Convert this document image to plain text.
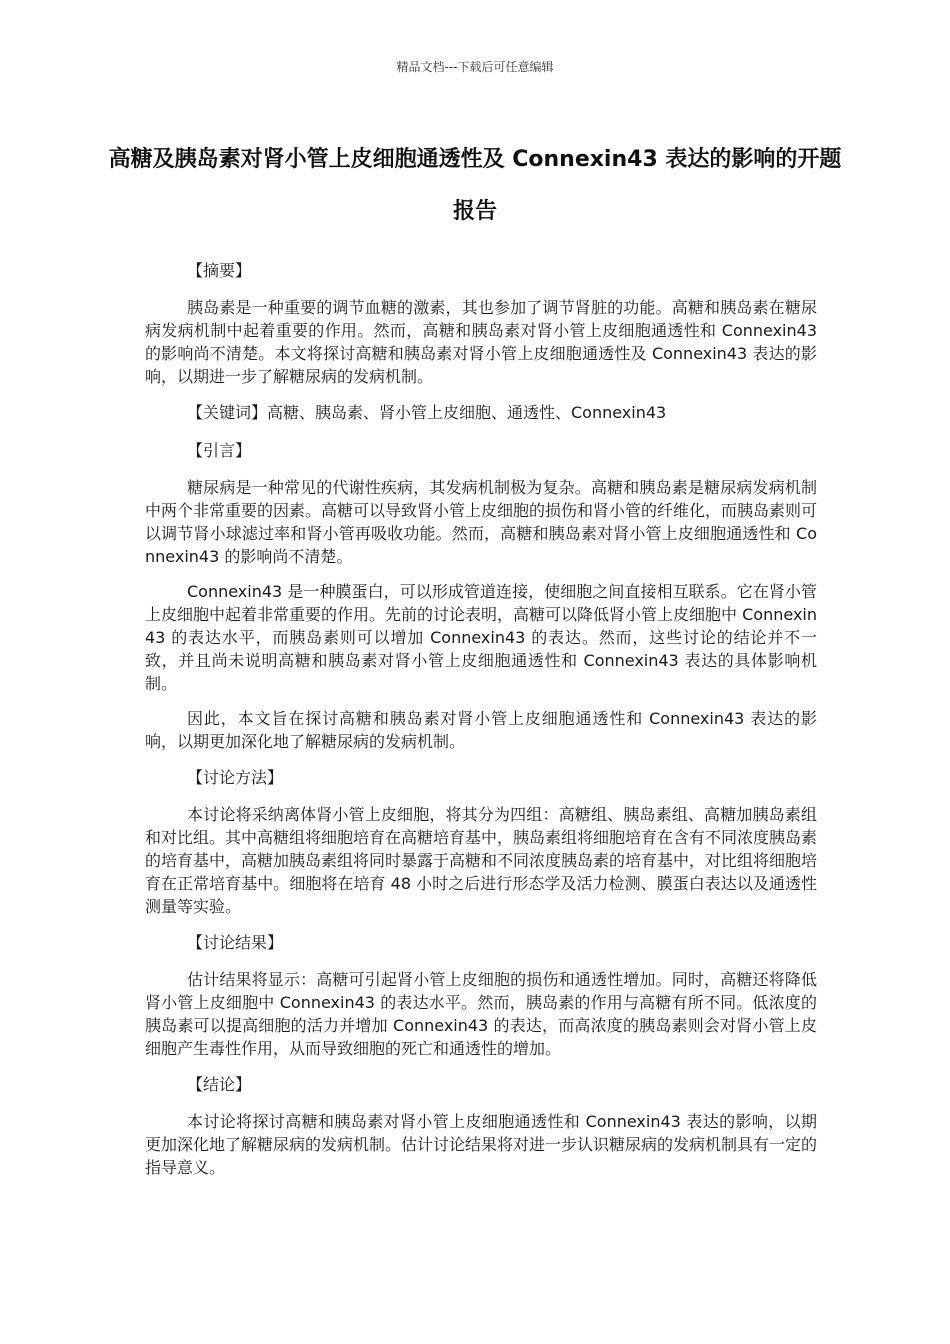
精品文档---下载后可任意编辑
高糖及胰岛素对肾小管上皮细胞通透性及 Connexin43 表达的影响的开题报告

【摘要】

胰岛素是一种重要的调节血糖的激素，其也参加了调节肾脏的功能。高糖和胰岛素在糖尿病发病机制中起着重要的作用。然而，高糖和胰岛素对肾小管上皮细胞通透性和 Connexin43 的影响尚不清楚。本文将探讨高糖和胰岛素对肾小管上皮细胞通透性及 Connexin43 表达的影响，以期进一步了解糖尿病的发病机制。

【关键词】高糖、胰岛素、肾小管上皮细胞、通透性、Connexin43

【引言】

糖尿病是一种常见的代谢性疾病，其发病机制极为复杂。高糖和胰岛素是糖尿病发病机制中两个非常重要的因素。高糖可以导致肾小管上皮细胞的损伤和肾小管的纤维化，而胰岛素则可以调节肾小球滤过率和肾小管再吸收功能。然而，高糖和胰岛素对肾小管上皮细胞通透性和 Connexin43 的影响尚不清楚。

Connexin43 是一种膜蛋白，可以形成管道连接，使细胞之间直接相互联系。它在肾小管上皮细胞中起着非常重要的作用。先前的讨论表明，高糖可以降低肾小管上皮细胞中 Connexin43 的表达水平，而胰岛素则可以增加 Connexin43 的表达。然而，这些讨论的结论并不一致，并且尚未说明高糖和胰岛素对肾小管上皮细胞通透性和 Connexin43 表达的具体影响机制。

因此，本文旨在探讨高糖和胰岛素对肾小管上皮细胞通透性和 Connexin43 表达的影响，以期更加深化地了解糖尿病的发病机制。

【讨论方法】

本讨论将采纳离体肾小管上皮细胞，将其分为四组：高糖组、胰岛素组、高糖加胰岛素组和对比组。其中高糖组将细胞培育在高糖培育基中，胰岛素组将细胞培育在含有不同浓度胰岛素的培育基中，高糖加胰岛素组将同时暴露于高糖和不同浓度胰岛素的培育基中，对比组将细胞培育在正常培育基中。细胞将在培育 48 小时之后进行形态学及活力检测、膜蛋白表达以及通透性测量等实验。

【讨论结果】

估计结果将显示：高糖可引起肾小管上皮细胞的损伤和通透性增加。同时，高糖还将降低肾小管上皮细胞中 Connexin43 的表达水平。然而，胰岛素的作用与高糖有所不同。低浓度的胰岛素可以提高细胞的活力并增加 Connexin43 的表达，而高浓度的胰岛素则会对肾小管上皮细胞产生毒性作用，从而导致细胞的死亡和通透性的增加。

【结论】

本讨论将探讨高糖和胰岛素对肾小管上皮细胞通透性和 Connexin43 表达的影响，以期更加深化地了解糖尿病的发病机制。估计讨论结果将对进一步认识糖尿病的发病机制具有一定的指导意义。
